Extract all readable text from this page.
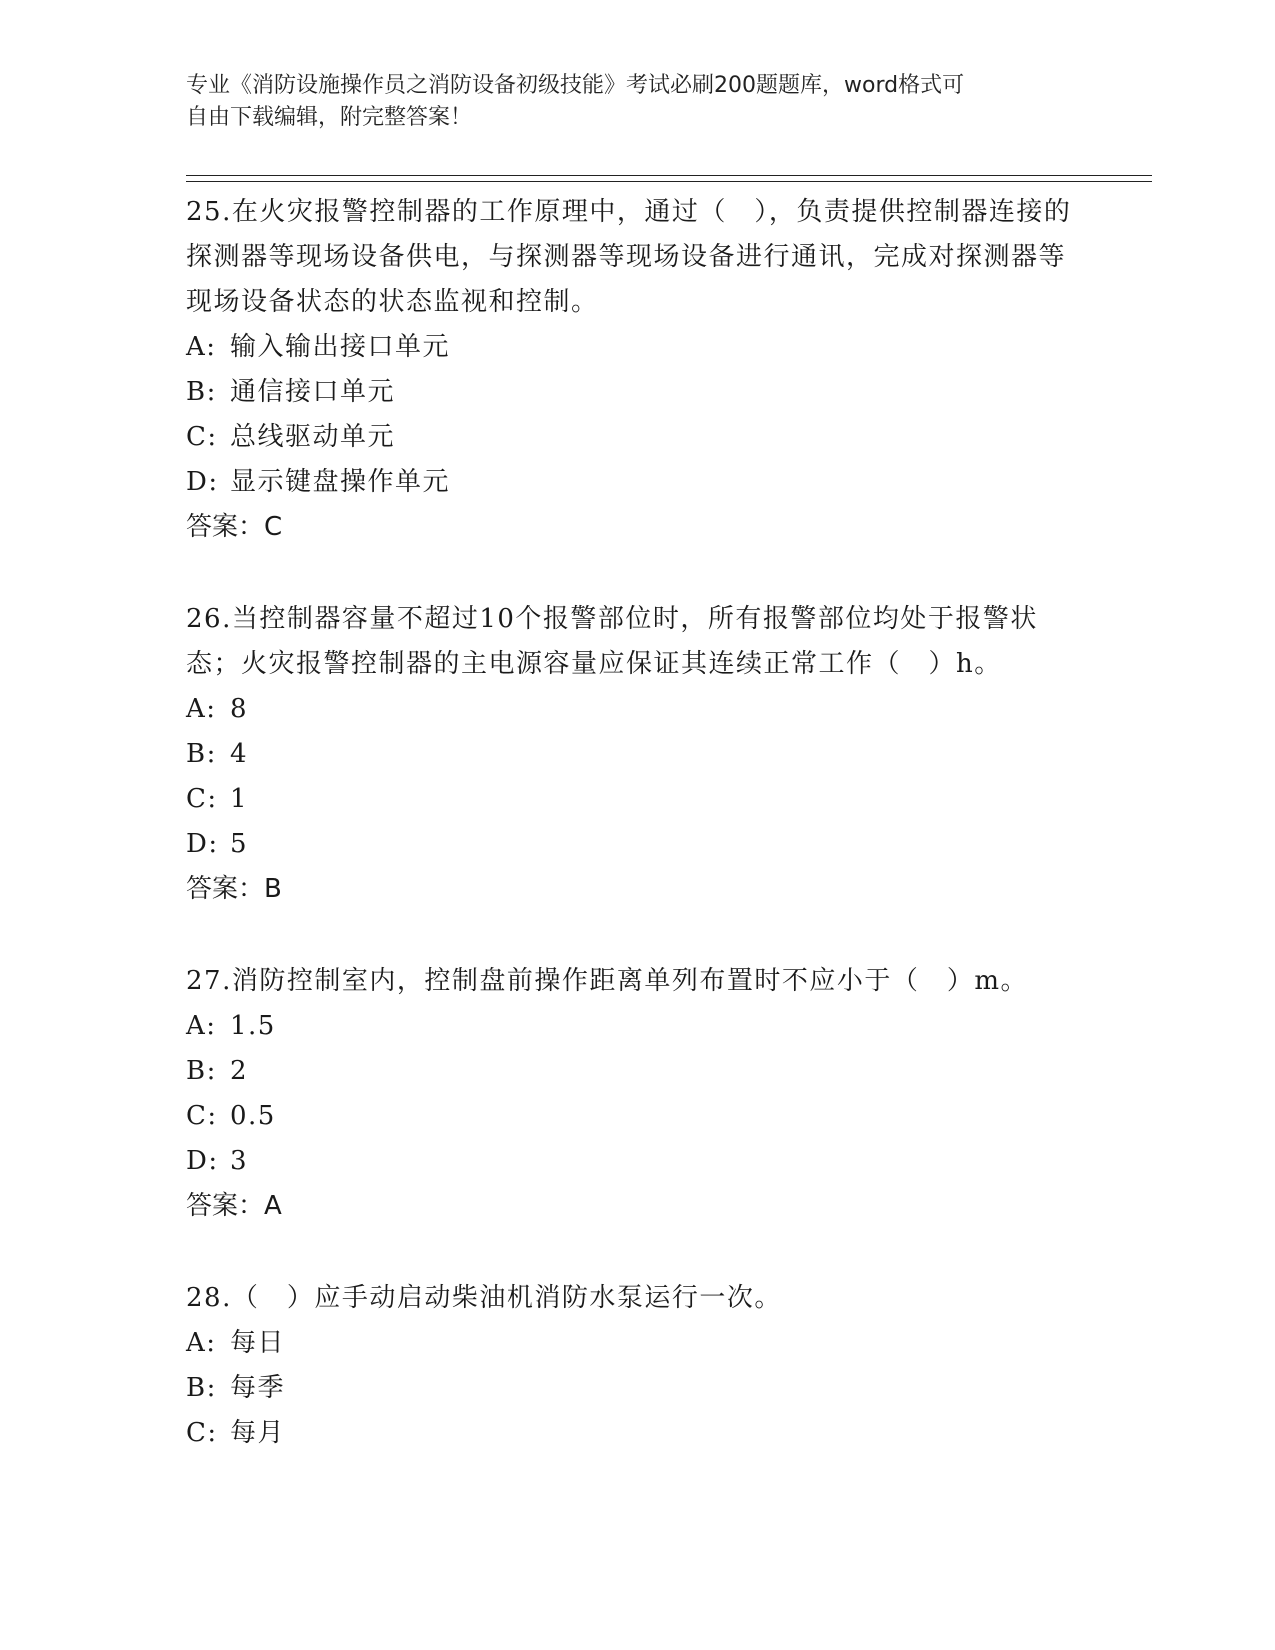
专业《消防设施操作员之消防设备初级技能》考试必刷200题题库，word格式可
自由下载编辑，附完整答案！

25.在火灾报警控制器的工作原理中，通过（　），负责提供控制器连接的探测器等现场设备供电，与探测器等现场设备进行通讯，完成对探测器等现场设备状态的状态监视和控制。

A: 输入输出接口单元

B: 通信接口单元

C: 总线驱动单元

D: 显示键盘操作单元

答案：C

26.当控制器容量不超过10个报警部位时，所有报警部位均处于报警状态；火灾报警控制器的主电源容量应保证其连续正常工作（　）h。

A: 8

B: 4

C: 1

D: 5

答案：B

27.消防控制室内，控制盘前操作距离单列布置时不应小于（　）m。

A: 1.5

B: 2

C: 0.5

D: 3

答案：A

28.（　）应手动启动柴油机消防水泵运行一次。

A: 每日

B: 每季

C: 每月
